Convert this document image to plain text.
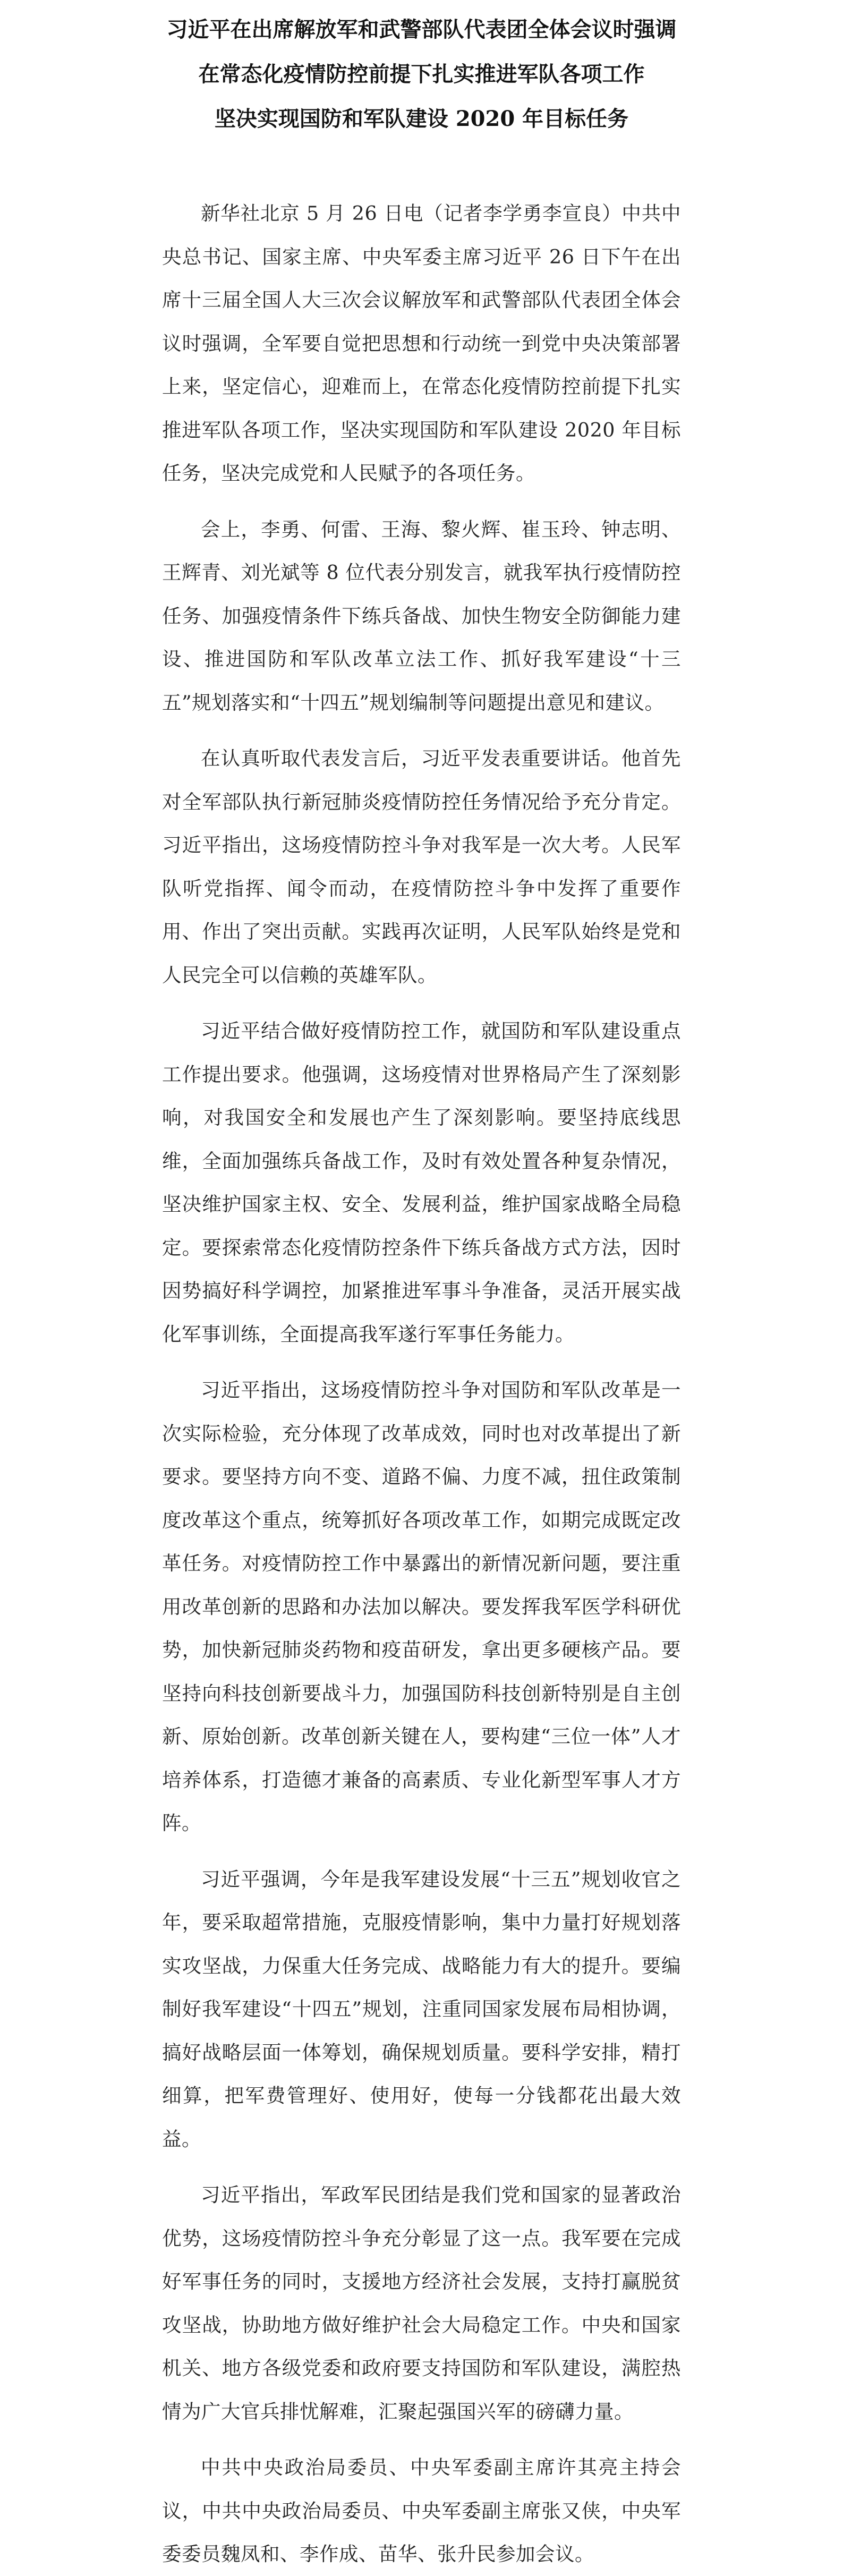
习近平在出席解放军和武警部队代表团全体会议时强调
在常态化疫情防控前提下扎实推进军队各项工作
坚决实现国防和军队建设 2020 年目标任务

新华社北京 5 月 26 日电（记者李学勇李宣良）中共中央总书记、国家主席、中央军委主席习近平 26 日下午在出席十三届全国人大三次会议解放军和武警部队代表团全体会议时强调，全军要自觉把思想和行动统一到党中央决策部署上来，坚定信心，迎难而上，在常态化疫情防控前提下扎实推进军队各项工作，坚决实现国防和军队建设 2020 年目标任务，坚决完成党和人民赋予的各项任务。

会上，李勇、何雷、王海、黎火辉、崔玉玲、钟志明、王辉青、刘光斌等 8 位代表分别发言，就我军执行疫情防控任务、加强疫情条件下练兵备战、加快生物安全防御能力建设、推进国防和军队改革立法工作、抓好我军建设“十三五”规划落实和“十四五”规划编制等问题提出意见和建议。

在认真听取代表发言后，习近平发表重要讲话。他首先对全军部队执行新冠肺炎疫情防控任务情况给予充分肯定。习近平指出，这场疫情防控斗争对我军是一次大考。人民军队听党指挥、闻令而动，在疫情防控斗争中发挥了重要作用、作出了突出贡献。实践再次证明，人民军队始终是党和人民完全可以信赖的英雄军队。

习近平结合做好疫情防控工作，就国防和军队建设重点工作提出要求。他强调，这场疫情对世界格局产生了深刻影响，对我国安全和发展也产生了深刻影响。要坚持底线思维，全面加强练兵备战工作，及时有效处置各种复杂情况，坚决维护国家主权、安全、发展利益，维护国家战略全局稳定。要探索常态化疫情防控条件下练兵备战方式方法，因时因势搞好科学调控，加紧推进军事斗争准备，灵活开展实战化军事训练，全面提高我军遂行军事任务能力。

习近平指出，这场疫情防控斗争对国防和军队改革是一次实际检验，充分体现了改革成效，同时也对改革提出了新要求。要坚持方向不变、道路不偏、力度不减，扭住政策制度改革这个重点，统筹抓好各项改革工作，如期完成既定改革任务。对疫情防控工作中暴露出的新情况新问题，要注重用改革创新的思路和办法加以解决。要发挥我军医学科研优势，加快新冠肺炎药物和疫苗研发，拿出更多硬核产品。要坚持向科技创新要战斗力，加强国防科技创新特别是自主创新、原始创新。改革创新关键在人，要构建“三位一体”人才培养体系，打造德才兼备的高素质、专业化新型军事人才方阵。

习近平强调，今年是我军建设发展“十三五”规划收官之年，要采取超常措施，克服疫情影响，集中力量打好规划落实攻坚战，力保重大任务完成、战略能力有大的提升。要编制好我军建设“十四五”规划，注重同国家发展布局相协调，搞好战略层面一体筹划，确保规划质量。要科学安排，精打细算，把军费管理好、使用好，使每一分钱都花出最大效益。

习近平指出，军政军民团结是我们党和国家的显著政治优势，这场疫情防控斗争充分彰显了这一点。我军要在完成好军事任务的同时，支援地方经济社会发展，支持打赢脱贫攻坚战，协助地方做好维护社会大局稳定工作。中央和国家机关、地方各级党委和政府要支持国防和军队建设，满腔热情为广大官兵排忧解难，汇聚起强国兴军的磅礴力量。

中共中央政治局委员、中央军委副主席许其亮主持会议，中共中央政治局委员、中央军委副主席张又侠，中央军委委员魏凤和、李作成、苗华、张升民参加会议。
